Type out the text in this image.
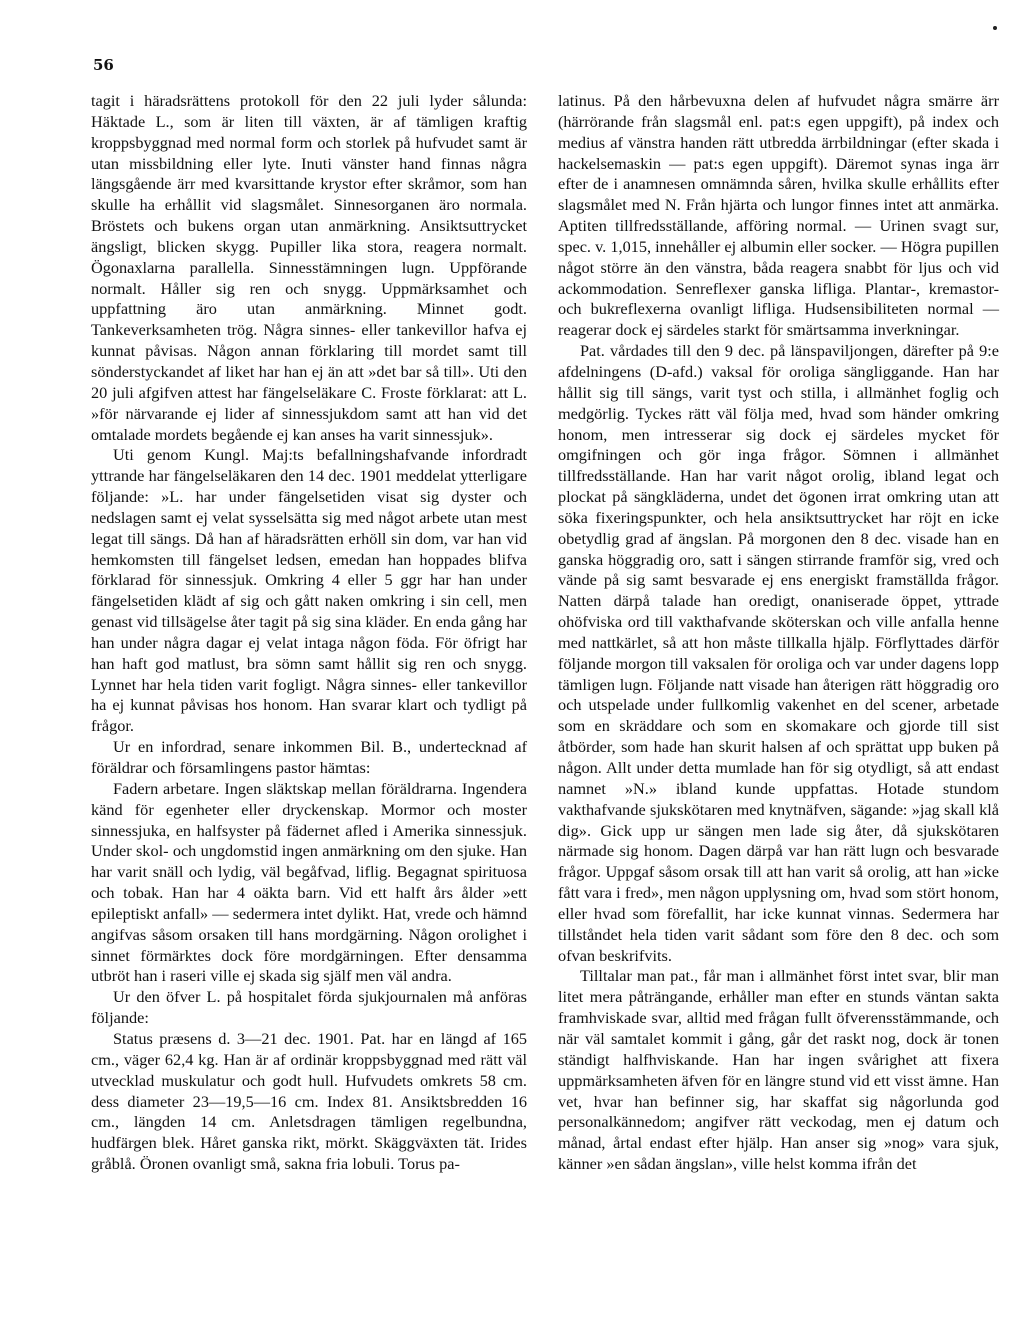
56

tagit i häradsrättens protokoll för den 22 juli lyder sålunda: Häktade L., som är liten till växten, är af tämligen kraftig kroppsbyggnad med normal form och storlek på hufvudet samt är utan missbildning eller lyte. Inuti vänster hand finnas några längsgående ärr med kvarsittande krystor efter skråmor, som han skulle ha erhållit vid slagsmålet. Sinnesorganen äro normala. Bröstets och bukens organ utan anmärkning. Ansiktsuttrycket ängsligt, blicken skygg. Pupiller lika stora, reagera normalt. Ögonaxlarna parallella. Sinnesstämningen lugn. Uppförande normalt. Håller sig ren och snygg. Uppmärksamhet och uppfattning äro utan anmärkning. Minnet godt. Tankeverksamheten trög. Några sinnes- eller tankevillor hafva ej kunnat påvisas. Någon annan förklaring till mordet samt till sönderstyckandet af liket har han ej än att »det bar så till». Uti den 20 juli afgifven attest har fängelseläkare C. Froste förklarat: att L. »för närvarande ej lider af sinnessjukdom samt att han vid det omtalade mordets begående ej kan anses ha varit sinnessjuk».

Uti genom Kungl. Maj:ts befallningshafvande infordradt yttrande har fängelseläkaren den 14 dec. 1901 meddelat ytterligare följande: »L. har under fängelsetiden visat sig dyster och nedslagen samt ej velat sysselsätta sig med något arbete utan mest legat till sängs. Då han af häradsrätten erhöll sin dom, var han vid hemkomsten till fängelset ledsen, emedan han hoppades blifva förklarad för sinnessjuk. Omkring 4 eller 5 ggr har han under fängelsetiden klädt af sig och gått naken omkring i sin cell, men genast vid tillsägelse åter tagit på sig sina kläder. En enda gång har han under några dagar ej velat intaga någon föda. För öfrigt har han haft god matlust, bra sömn samt hållit sig ren och snygg. Lynnet har hela tiden varit fogligt. Några sinnes- eller tankevillor ha ej kunnat påvisas hos honom. Han svarar klart och tydligt på frågor.

Ur en infordrad, senare inkommen Bil. B., undertecknad af föräldrar och församlingens pastor hämtas:

Fadern arbetare. Ingen släktskap mellan föräldrarna. Ingendera känd för egenheter eller dryckenskap. Mormor och moster sinnessjuka, en halfsyster på fädernet afled i Amerika sinnessjuk. Under skol- och ungdomstid ingen anmärkning om den sjuke. Han har varit snäll och lydig, väl begåfvad, liflig. Begagnat spirituosa och tobak. Han har 4 oäkta barn. Vid ett halft års ålder »ett epileptiskt anfall» — sedermera intet dylikt. Hat, vrede och hämnd angifvas såsom orsaken till hans mordgärning. Någon orolighet i sinnet förmärktes dock före mordgärningen. Efter densamma utbröt han i raseri ville ej skada sig själf men väl andra.

Ur den öfver L. på hospitalet förda sjukjournalen må anföras följande:

Status præsens d. 3—21 dec. 1901. Pat. har en längd af 165 cm., väger 62,4 kg. Han är af ordinär kroppsbyggnad med rätt väl utvecklad muskulatur och godt hull. Hufvudets omkrets 58 cm. dess diameter 23—19,5—16 cm. Index 81. Ansiktsbredden 16 cm., längden 14 cm. Anletsdragen tämligen regelbundna, hudfärgen blek. Håret ganska rikt, mörkt. Skäggväxten tät. Irides gråblå. Öronen ovanligt små, sakna fria lobuli. Torus pa-

latinus. På den hårbevuxna delen af hufvudet några smärre ärr (härrörande från slagsmål enl. pat:s egen uppgift), på index och medius af vänstra handen rätt utbredda ärrbildningar (efter skada i hackelsemaskin — pat:s egen uppgift). Däremot synas inga ärr efter de i anamnesen omnämnda såren, hvilka skulle erhållits efter slagsmålet med N. Från hjärta och lungor finnes intet att anmärka. Aptiten tillfredsställande, afföring normal. — Urinen svagt sur, spec. v. 1,015, innehåller ej albumin eller socker. — Högra pupillen något större än den vänstra, båda reagera snabbt för ljus och vid ackommodation. Senreflexer ganska lifliga. Plantar-, kremastor- och bukreflexerna ovanligt lifliga. Hudsensibiliteten normal — reagerar dock ej särdeles starkt för smärtsamma inverkningar.

Pat. vårdades till den 9 dec. på länspaviljongen, därefter på 9:e afdelningens (D-afd.) vaksal för oroliga sängliggande. Han har hållit sig till sängs, varit tyst och stilla, i allmänhet foglig och medgörlig. Tyckes rätt väl följa med, hvad som händer omkring honom, men intresserar sig dock ej särdeles mycket för omgifningen och gör inga frågor. Sömnen i allmänhet tillfredsställande. Han har varit något orolig, ibland legat och plockat på sängkläderna, undet det ögonen irrat omkring utan att söka fixeringspunkter, och hela ansiktsuttrycket har röjt en icke obetydlig grad af ängslan. På morgonen den 8 dec. visade han en ganska höggradig oro, satt i sängen stirrande framför sig, vred och vände på sig samt besvarade ej ens energiskt framställda frågor. Natten därpå talade han oredigt, onaniserade öppet, yttrade ohöfviska ord till vakthafvande sköterskan och ville anfalla henne med nattkärlet, så att hon måste tillkalla hjälp. Förflyttades därför följande morgon till vaksalen för oroliga och var under dagens lopp tämligen lugn. Följande natt visade han återigen rätt höggradig oro och utspelade under fullkomlig vakenhet en del scener, arbetade som en skräddare och som en skomakare och gjorde till sist åtbörder, som hade han skurit halsen af och sprättat upp buken på någon. Allt under detta mumlade han för sig otydligt, så att endast namnet »N.» ibland kunde uppfattas. Hotade stundom vakthafvande sjukskötaren med knytnäfven, sägande: »jag skall klå dig». Gick upp ur sängen men lade sig åter, då sjukskötaren närmade sig honom. Dagen därpå var han rätt lugn och besvarade frågor. Uppgaf såsom orsak till att han varit så orolig, att han »icke fått vara i fred», men någon upplysning om, hvad som stört honom, eller hvad som förefallit, har icke kunnat vinnas. Sedermera har tillståndet hela tiden varit sådant som före den 8 dec. och som ofvan beskrifvits.

Tilltalar man pat., får man i allmänhet först intet svar, blir man litet mera påträngande, erhåller man efter en stunds väntan sakta framhviskade svar, alltid med frågan fullt öfverensstämmande, och när väl samtalet kommit i gång, går det raskt nog, dock är tonen ständigt halfhviskande. Han har ingen svårighet att fixera uppmärksamheten äfven för en längre stund vid ett visst ämne. Han vet, hvar han befinner sig, har skaffat sig någorlunda god personalkännedom; angifver rätt veckodag, men ej datum och månad, årtal endast efter hjälp. Han anser sig »nog» vara sjuk, känner »en sådan ängslan», ville helst komma ifrån det
